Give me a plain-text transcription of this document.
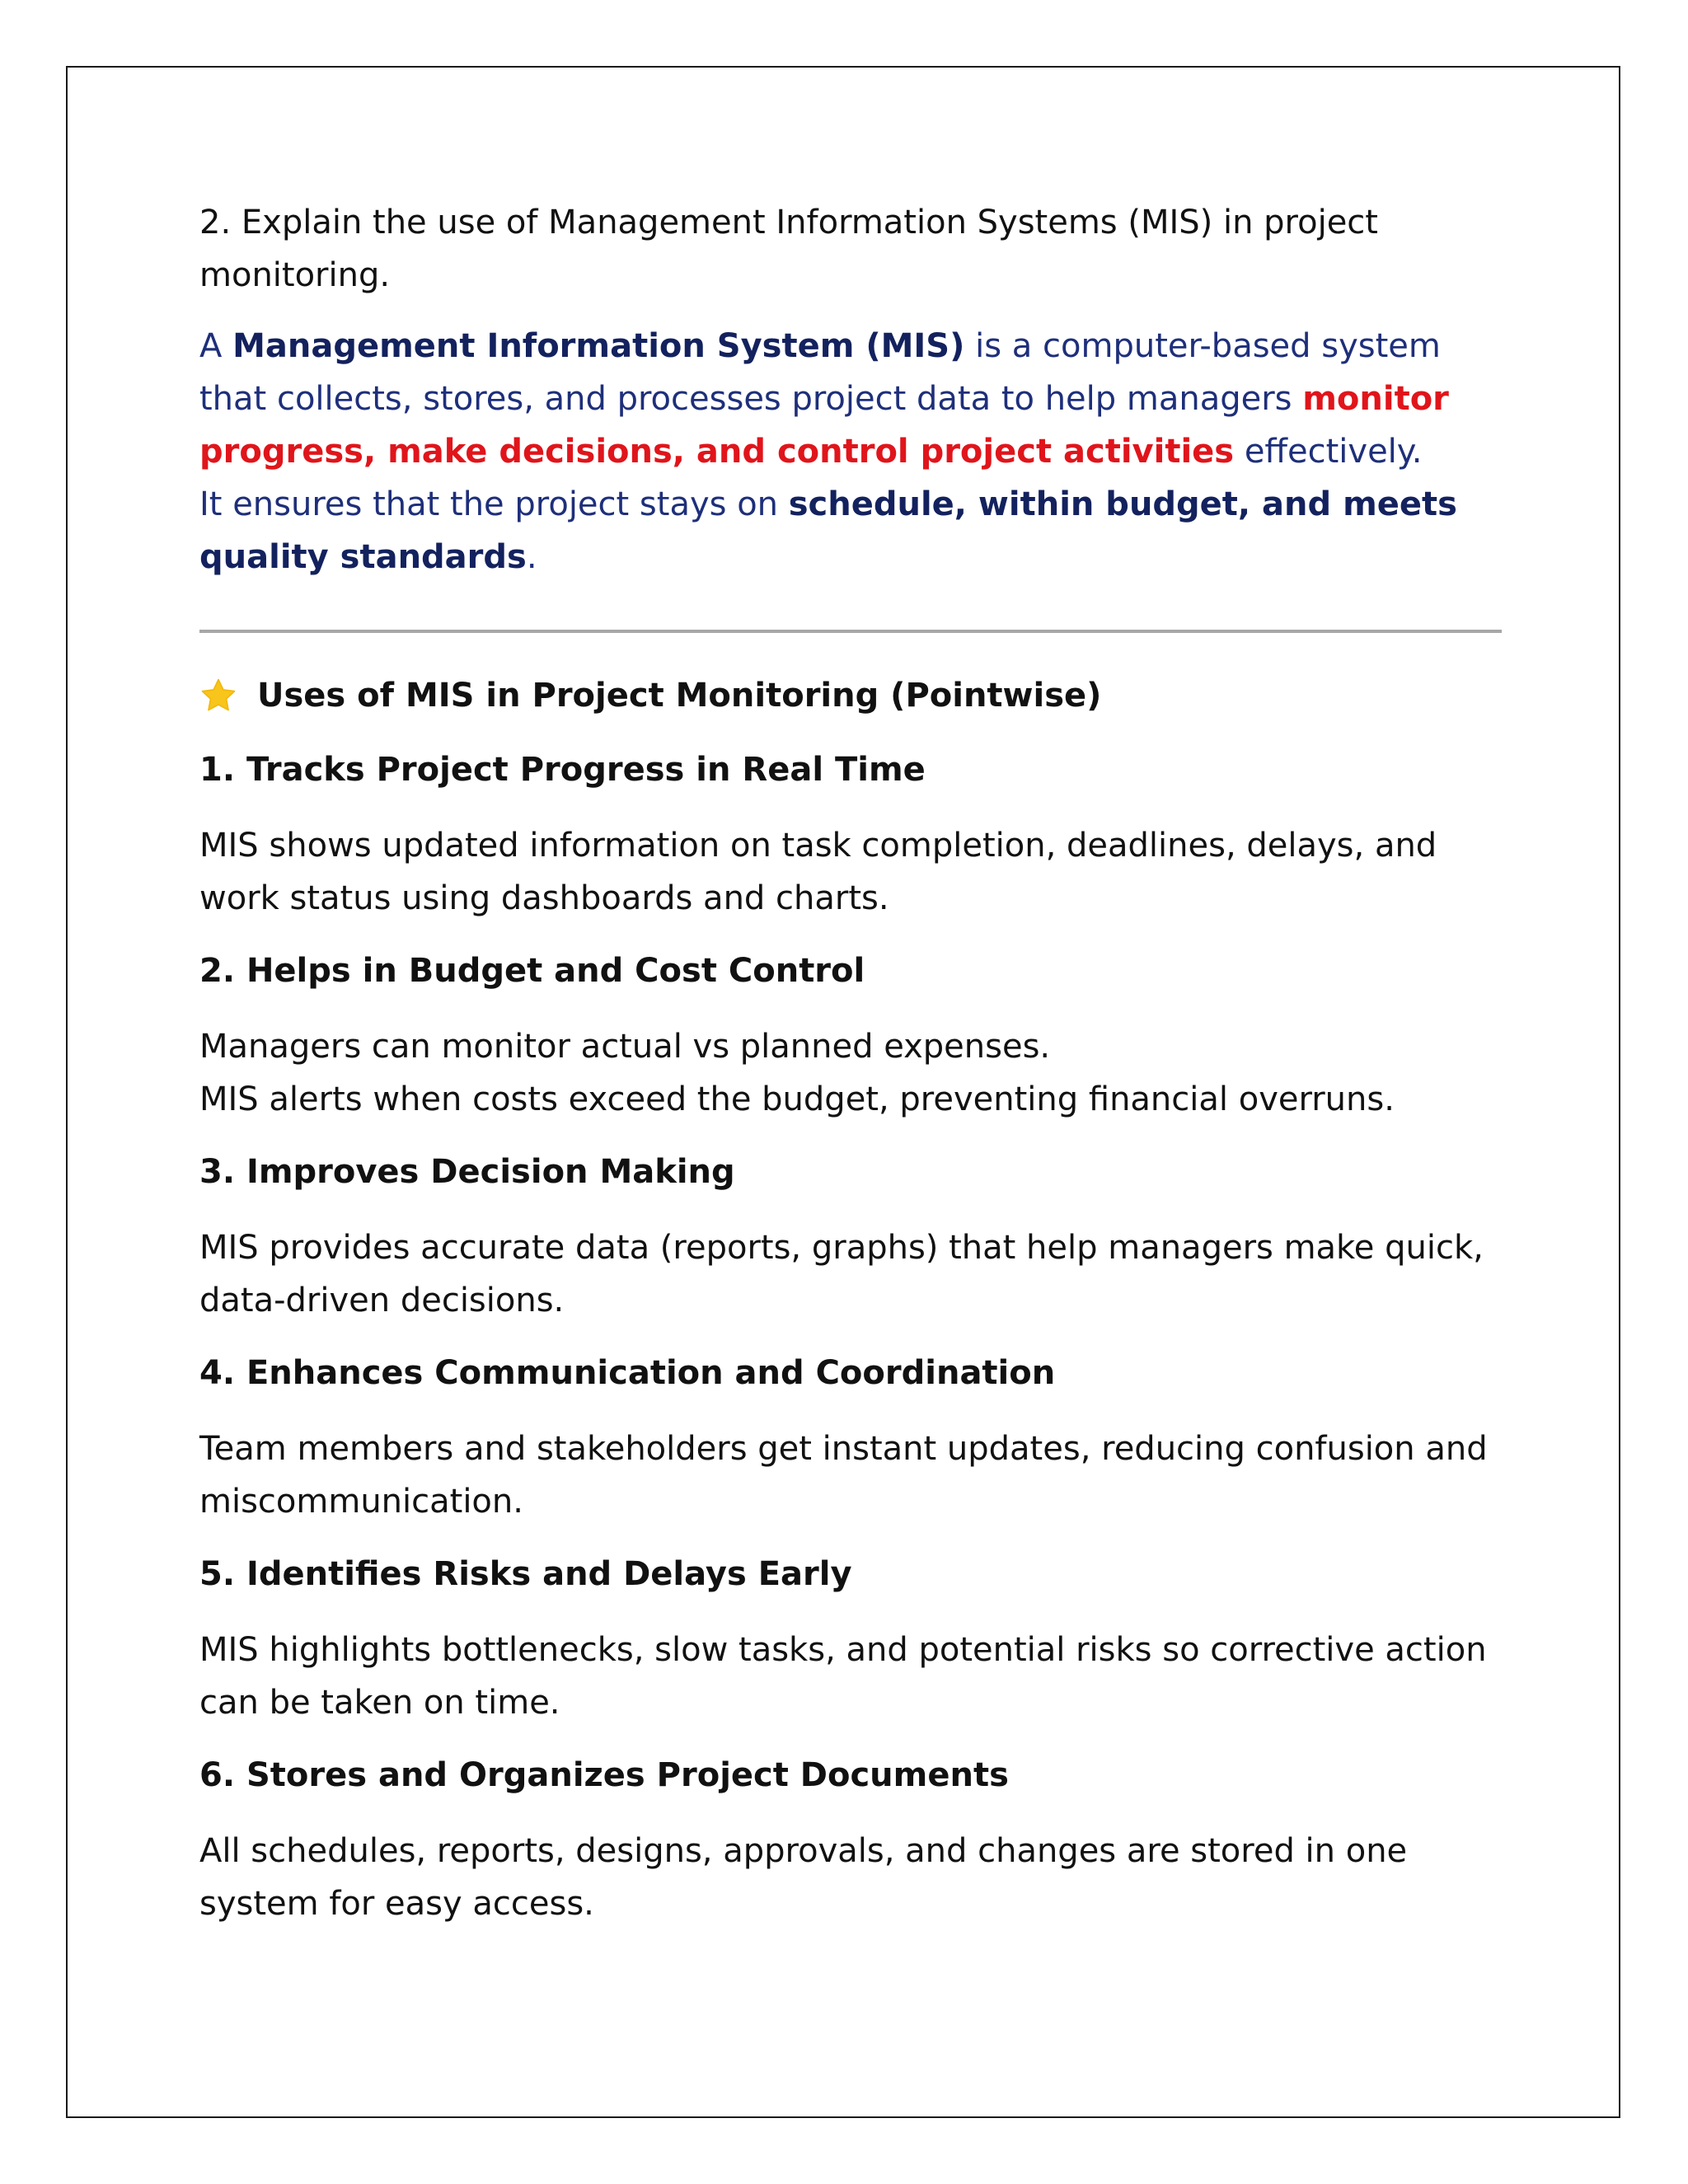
2. Explain the use of Management Information Systems (MIS) in project monitoring.

A Management Information System (MIS) is a computer-based system that collects, stores, and processes project data to help managers monitor progress, make decisions, and control project activities effectively.
It ensures that the project stays on schedule, within budget, and meets quality standards.

Uses of MIS in Project Monitoring (Pointwise)

1. Tracks Project Progress in Real Time

MIS shows updated information on task completion, deadlines, delays, and work status using dashboards and charts.

2. Helps in Budget and Cost Control

Managers can monitor actual vs planned expenses.
MIS alerts when costs exceed the budget, preventing financial overruns.

3. Improves Decision Making

MIS provides accurate data (reports, graphs) that help managers make quick, data-driven decisions.

4. Enhances Communication and Coordination

Team members and stakeholders get instant updates, reducing confusion and miscommunication.

5. Identifies Risks and Delays Early

MIS highlights bottlenecks, slow tasks, and potential risks so corrective action can be taken on time.

6. Stores and Organizes Project Documents

All schedules, reports, designs, approvals, and changes are stored in one system for easy access.
